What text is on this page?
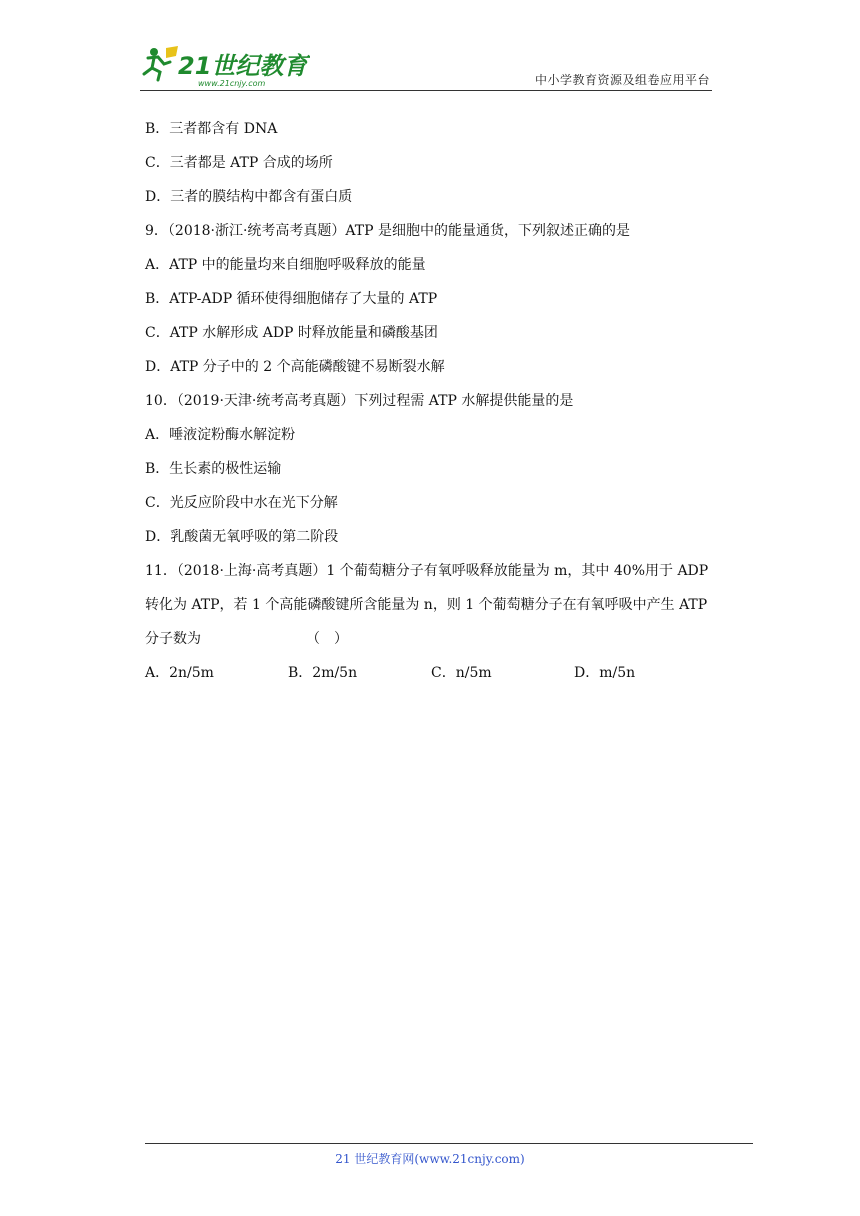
21世纪教育
www.21cnjy.com	中小学教育资源及组卷应用平台
B．三者都含有 DNA
C．三者都是 ATP 合成的场所
D．三者的膜结构中都含有蛋白质
9．（2018·浙江·统考高考真题）ATP 是细胞中的能量通货，下列叙述正确的是
A．ATP 中的能量均来自细胞呼吸释放的能量
B．ATP-ADP 循环使得细胞储存了大量的 ATP
C．ATP 水解形成 ADP 时释放能量和磷酸基团
D．ATP 分子中的 2 个高能磷酸键不易断裂水解
10．（2019·天津·统考高考真题）下列过程需 ATP 水解提供能量的是
A．唾液淀粉酶水解淀粉
B．生长素的极性运输
C．光反应阶段中水在光下分解
D．乳酸菌无氧呼吸的第二阶段
11．（2018·上海·高考真题）1 个葡萄糖分子有氧呼吸释放能量为 m，其中 40%用于 ADP
转化为 ATP，若 1 个高能磷酸键所含能量为 n，则 1 个葡萄糖分子在有氧呼吸中产生 ATP
分子数为　　　　　　　　（　）
A．2n/5m	B．2m/5n	C．n/5m	D．m/5n
21 世纪教育网(www.21cnjy.com)
